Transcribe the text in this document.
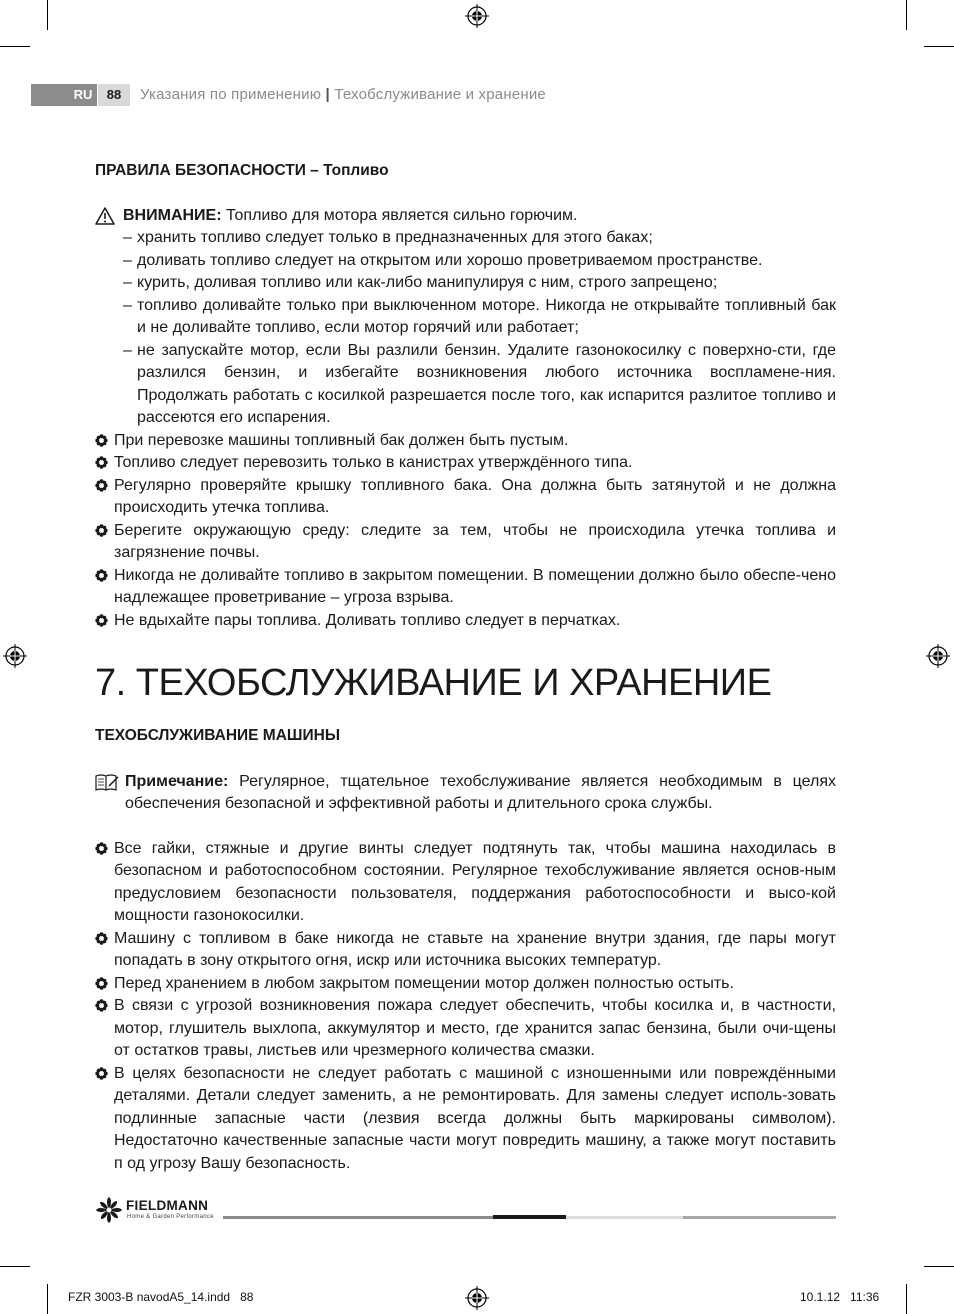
RU	88	Указания по применению | Техобслуживание и хранение
ПРАВИЛА БЕЗОПАСНОСТИ – Топливо
ВНИМАНИЕ: Топливо для мотора является сильно горючим.
– хранить топливо следует только в предназначенных для этого баках;
– доливать топливо следует на открытом или хорошо проветриваемом пространстве.
– курить, доливая топливо или как-либо манипулируя с ним, строго запрещено;
– топливо доливайте только при выключенном моторе. Никогда не открывайте топливный бак и не доливайте топливо, если мотор горячий или работает;
– не запускайте мотор, если Вы разлили бензин. Удалите газонокосилку с поверхно-сти, где разлился бензин, и избегайте возникновения любого источника воспламене-ния. Продолжать работать с косилкой разрешается после того, как испарится разлитое топливо и рассеются его испарения.
При перевозке машины топливный бак должен быть пустым.
Топливо следует перевозить только в канистрах утверждённого типа.
Регулярно проверяйте крышку топливного бака. Она должна быть затянутой и не должна происходить утечка топлива.
Берегите окружающую среду: следите за тем, чтобы не происходила утечка топлива и загрязнение почвы.
Никогда не доливайте топливо в закрытом помещении. В помещении должно было обеспе-чено надлежащее проветривание – угроза взрыва.
Не вдыхайте пары топлива. Доливать топливо следует в перчатках.
7. ТЕХОБСЛУЖИВАНИЕ И ХРАНЕНИЕ
ТЕХОБСЛУЖИВАНИЕ МАШИНЫ
Примечание: Регулярное, тщательное техобслуживание является необходимым в целях обеспечения безопасной и эффективной работы и длительного срока службы.
Все гайки, стяжные и другие винты следует подтянуть так, чтобы машина находилась в безопасном и работоспособном состоянии. Регулярное техобслуживание является основ-ным предусловием безопасности пользователя, поддержания работоспособности и высо-кой мощности газонокосилки.
Машину с топливом в баке никогда не ставьте на хранение внутри здания, где пары могут попадать в зону открытого огня, искр или источника высоких температур.
Перед хранением в любом закрытом помещении мотор должен полностью остыть.
В связи с угрозой возникновения пожара следует обеспечить, чтобы косилка и, в частности, мотор, глушитель выхлопа, аккумулятор и место, где хранится запас бензина, были очи-щены от остатков травы, листьев или чрезмерного количества смазки.
В целях безопасности не следует работать с машиной с изношенными или повреждёнными деталями. Детали следует заменить, а не ремонтировать. Для замены следует исполь-зовать подлинные запасные части (лезвия всегда должны быть маркированы символом). Недостаточно качественные запасные части могут повредить машину, а также могут поставить п од угрозу Вашу безопасность.
FIELDMANN
Home & Garden Performance
FZR 3003-B navodA5_14.indd   88	10.1.12   11:36
